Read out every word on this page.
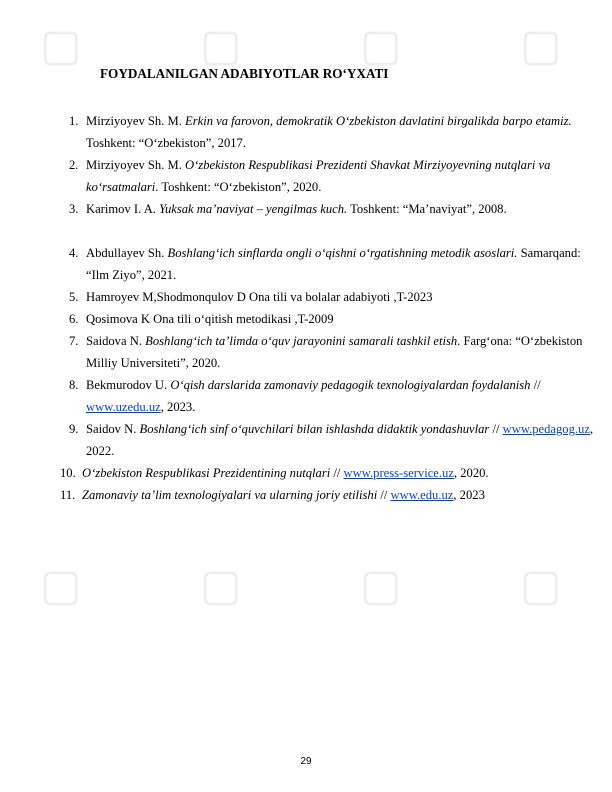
▢	▢	▢	▢
▢	▢	▢	▢
FOYDALANILGAN ADABIYOTLAR RO‘YXATI
1. Mirziyoyev Sh. M. Erkin va farovon, demokratik O‘zbekiston davlatini birgalikda barpo etamiz. Toshkent: “O‘zbekiston”, 2017.
2. Mirziyoyev Sh. M. O‘zbekiston Respublikasi Prezidenti Shavkat Mirziyoyevning nutqlari va ko‘rsatmalari. Toshkent: “O‘zbekiston”, 2020.
3. Karimov I. A. Yuksak ma’naviyat – yengilmas kuch. Toshkent: “Ma’naviyat”, 2008.
4. Abdullayev Sh. Boshlang‘ich sinflarda ongli o‘qishni o‘rgatishning metodik asoslari. Samarqand: “Ilm Ziyo”, 2021.
5. Hamroyev M,Shodmonqulov D Ona tili va bolalar adabiyoti ,T-2023
6. Qosimova K Ona tili o‘qitish metodikasi ,T-2009
7. Saidova N. Boshlang‘ich ta’limda o‘quv jarayonini samarali tashkil etish. Farg‘ona: “O‘zbekiston Milliy Universiteti”, 2020.
8. Bekmurodov U. O‘qish darslarida zamonaviy pedagogik texnologiyalardan foydalanish // www.uzedu.uz, 2023.
9. Saidov N. Boshlang‘ich sinf o‘quvchilari bilan ishlashda didaktik yondashuvlar // www.pedagog.uz, 2022.
10. O‘zbekiston Respublikasi Prezidentining nutqlari // www.press-service.uz, 2020.
11. Zamonaviy ta’lim texnologiyalari va ularning joriy etilishi // www.edu.uz, 2023
29
